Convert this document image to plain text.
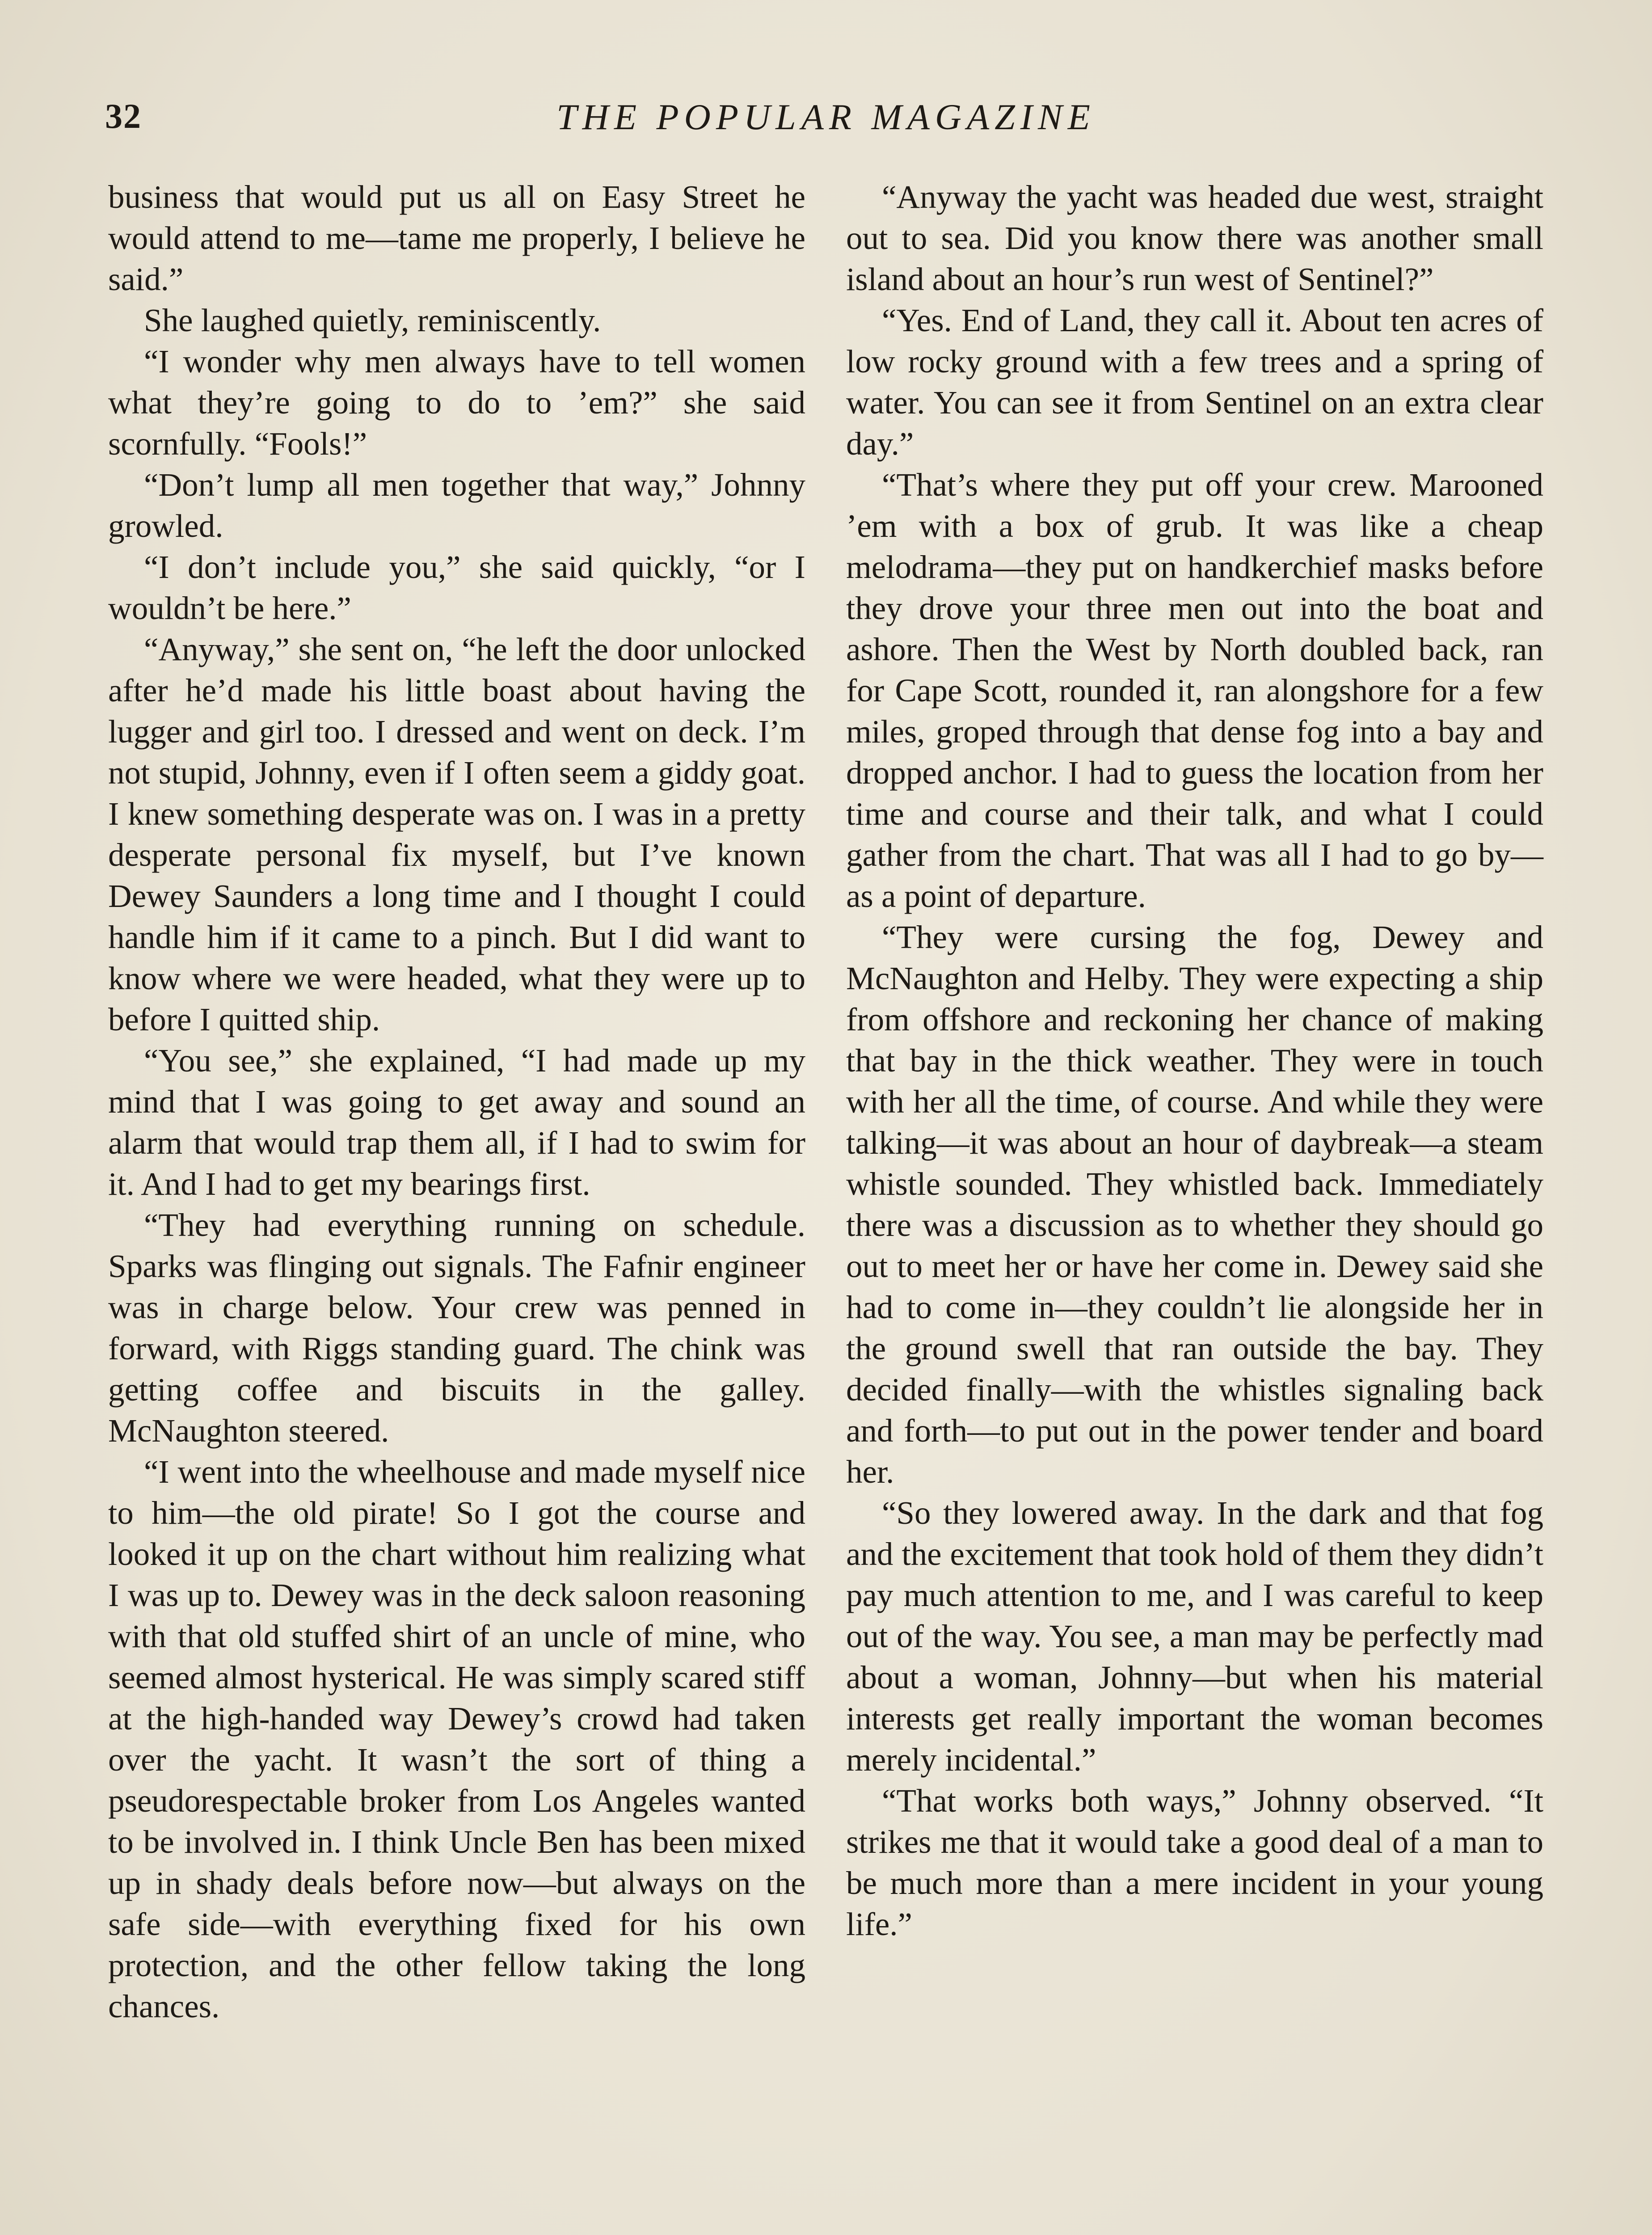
32	THE POPULAR MAGAZINE

business that would put us all on Easy Street he would attend to me—tame me properly, I believe he said.”

She laughed quietly, reminiscently.

“I wonder why men always have to tell women what they’re going to do to ’em?” she said scornfully. “Fools!”

“Don’t lump all men together that way,” Johnny growled.

“I don’t include you,” she said quickly, “or I wouldn’t be here.”

“Anyway,” she sent on, “he left the door unlocked after he’d made his little boast about having the lugger and girl too. I dressed and went on deck. I’m not stupid, Johnny, even if I often seem a giddy goat. I knew something desperate was on. I was in a pretty desperate personal fix myself, but I’ve known Dewey Saunders a long time and I thought I could handle him if it came to a pinch. But I did want to know where we were headed, what they were up to before I quitted ship.

“You see,” she explained, “I had made up my mind that I was going to get away and sound an alarm that would trap them all, if I had to swim for it. And I had to get my bearings first.

“They had everything running on schedule. Sparks was flinging out signals. The Fafnir engineer was in charge below. Your crew was penned in forward, with Riggs standing guard. The chink was getting coffee and biscuits in the galley. McNaughton steered.

“I went into the wheelhouse and made myself nice to him—the old pirate! So I got the course and looked it up on the chart without him realizing what I was up to. Dewey was in the deck saloon reasoning with that old stuffed shirt of an uncle of mine, who seemed almost hysterical. He was simply scared stiff at the high-handed way Dewey’s crowd had taken over the yacht. It wasn’t the sort of thing a pseudorespectable broker from Los Angeles wanted to be involved in. I think Uncle Ben has been mixed up in shady deals before now—but always on the safe side—with everything fixed for his own protection, and the other fellow taking the long chances.

“Anyway the yacht was headed due west, straight out to sea. Did you know there was another small island about an hour’s run west of Sentinel?”

“Yes. End of Land, they call it. About ten acres of low rocky ground with a few trees and a spring of water. You can see it from Sentinel on an extra clear day.”

“That’s where they put off your crew. Marooned ’em with a box of grub. It was like a cheap melodrama—they put on handkerchief masks before they drove your three men out into the boat and ashore. Then the West by North doubled back, ran for Cape Scott, rounded it, ran alongshore for a few miles, groped through that dense fog into a bay and dropped anchor. I had to guess the location from her time and course and their talk, and what I could gather from the chart. That was all I had to go by—as a point of departure.

“They were cursing the fog, Dewey and McNaughton and Helby. They were expecting a ship from offshore and reckoning her chance of making that bay in the thick weather. They were in touch with her all the time, of course. And while they were talking—it was about an hour of daybreak—a steam whistle sounded. They whistled back. Immediately there was a discussion as to whether they should go out to meet her or have her come in. Dewey said she had to come in—they couldn’t lie alongside her in the ground swell that ran outside the bay. They decided finally—with the whistles signaling back and forth—to put out in the power tender and board her.

“So they lowered away. In the dark and that fog and the excitement that took hold of them they didn’t pay much attention to me, and I was careful to keep out of the way. You see, a man may be perfectly mad about a woman, Johnny—but when his material interests get really important the woman becomes merely incidental.”

“That works both ways,” Johnny observed. “It strikes me that it would take a good deal of a man to be much more than a mere incident in your young life.”
